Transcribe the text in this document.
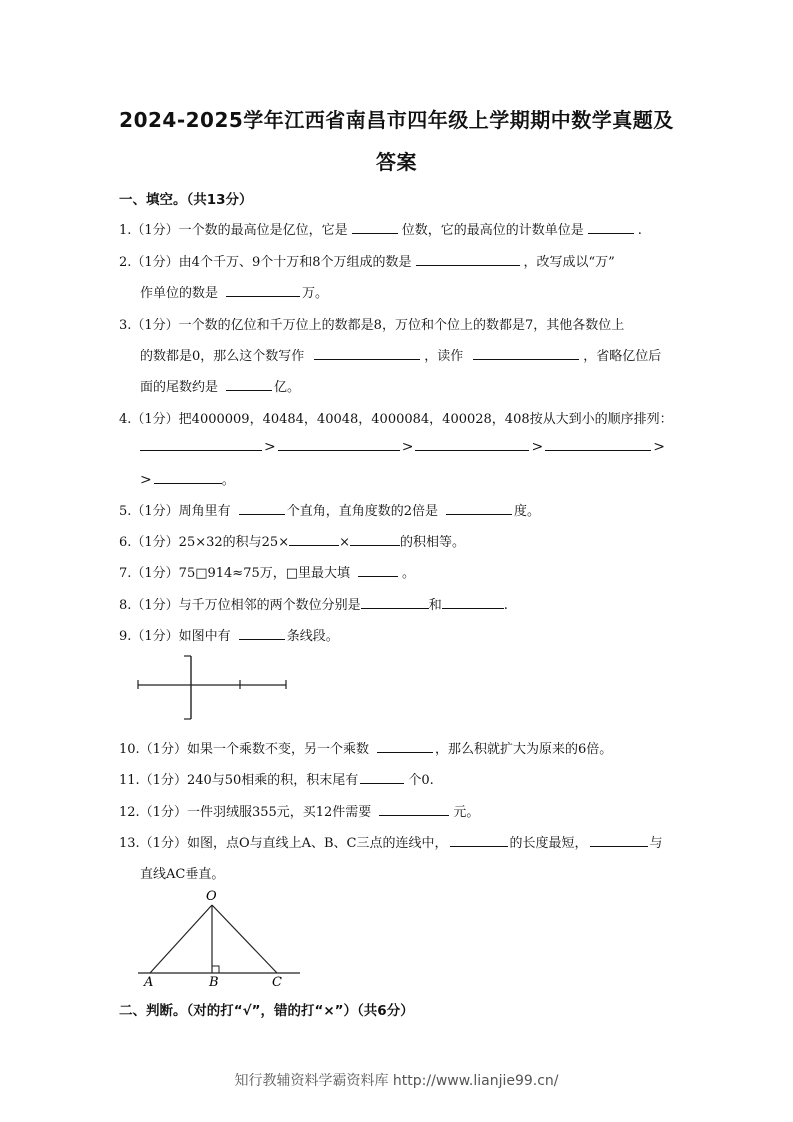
2024-2025学年江西省南昌市四年级上学期期中数学真题及
答案
一、填空。（共13分）
1.（1分）一个数的最高位是亿位，它是	位数，它的最高位的计数单位是	.
2.（1分）由4个千万、9个十万和8个万组成的数是	，改写成以“万”
作单位的数是	万。
3.（1分）一个数的亿位和千万位上的数都是8，万位和个位上的数都是7，其他各数位上
的数都是0，那么这个数写作	，读作	，省略亿位后
面的尾数约是	亿。
4.（1分）把4000009，40484，40048，4000084，400028，408按从大到小的顺序排列：
>	>	>	>
>	。
5.（1分）周角里有	个直角，直角度数的2倍是	度。
6.（1分）25×32的积与25×	×	的积相等。
7.（1分）75□914≈75万，□里最大填	。
8.（1分）与千万位相邻的两个数位分别是	和	.
9.（1分）如图中有	条线段。
10.（1分）如果一个乘数不变，另一个乘数	，那么积就扩大为原来的6倍。
11.（1分）240与50相乘的积，积末尾有	个0.
12.（1分）一件羽绒服355元，买12件需要	元。
13.（1分）如图，点O与直线上A、B、C三点的连线中，	的长度最短，	与
直线AC垂直。
O
A	B	C
二、判断。（对的打“√”，错的打“×”）（共6分）
知行教辅资料学霸资料库 http://www.lianjie99.cn/
